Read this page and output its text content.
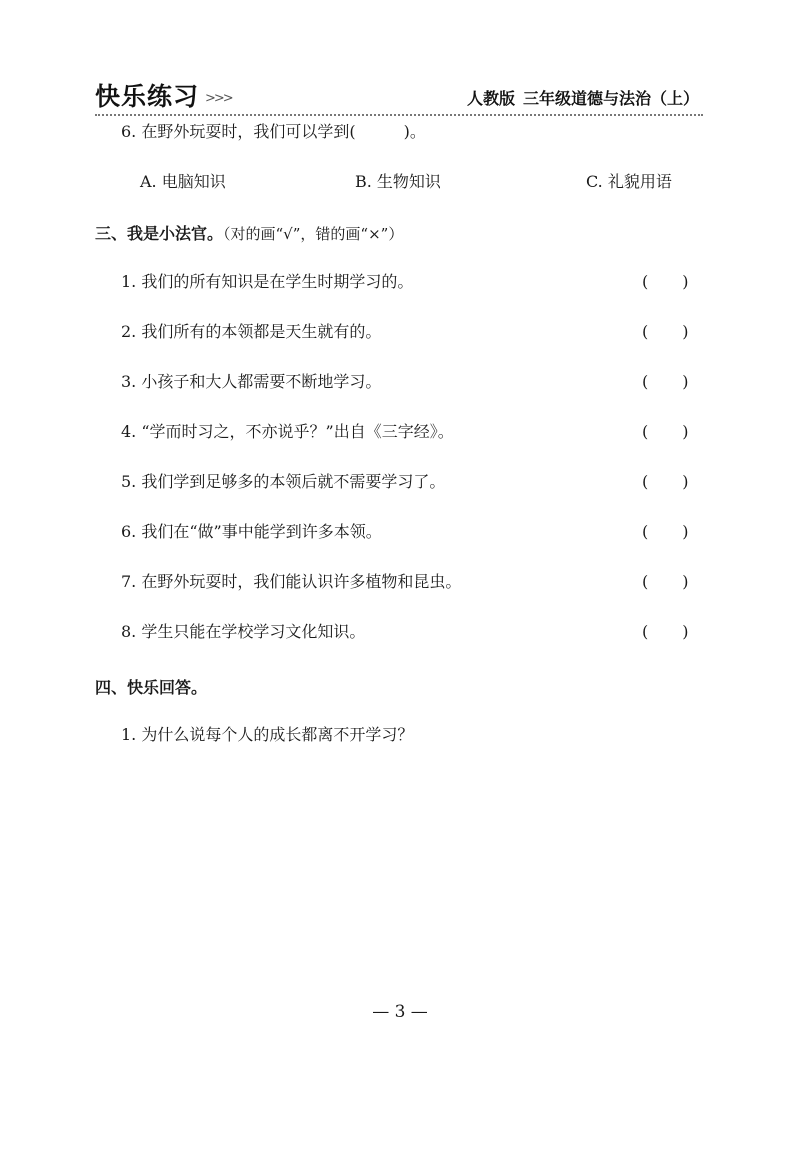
快乐练习 >>>	人教版 三年级道德与法治（上）
6. 在野外玩耍时，我们可以学到(	)。
A. 电脑知识	B. 生物知识	C. 礼貌用语
三、我是小法官。（对的画“√”，错的画“×”）
1. 我们的所有知识是在学生时期学习的。	( )
2. 我们所有的本领都是天生就有的。	( )
3. 小孩子和大人都需要不断地学习。	( )
4. “学而时习之，不亦说乎？”出自《三字经》。	( )
5. 我们学到足够多的本领后就不需要学习了。	( )
6. 我们在“做”事中能学到许多本领。	( )
7. 在野外玩耍时，我们能认识许多植物和昆虫。	( )
8. 学生只能在学校学习文化知识。	( )
四、快乐回答。
1. 为什么说每个人的成长都离不开学习？
— 3 —
